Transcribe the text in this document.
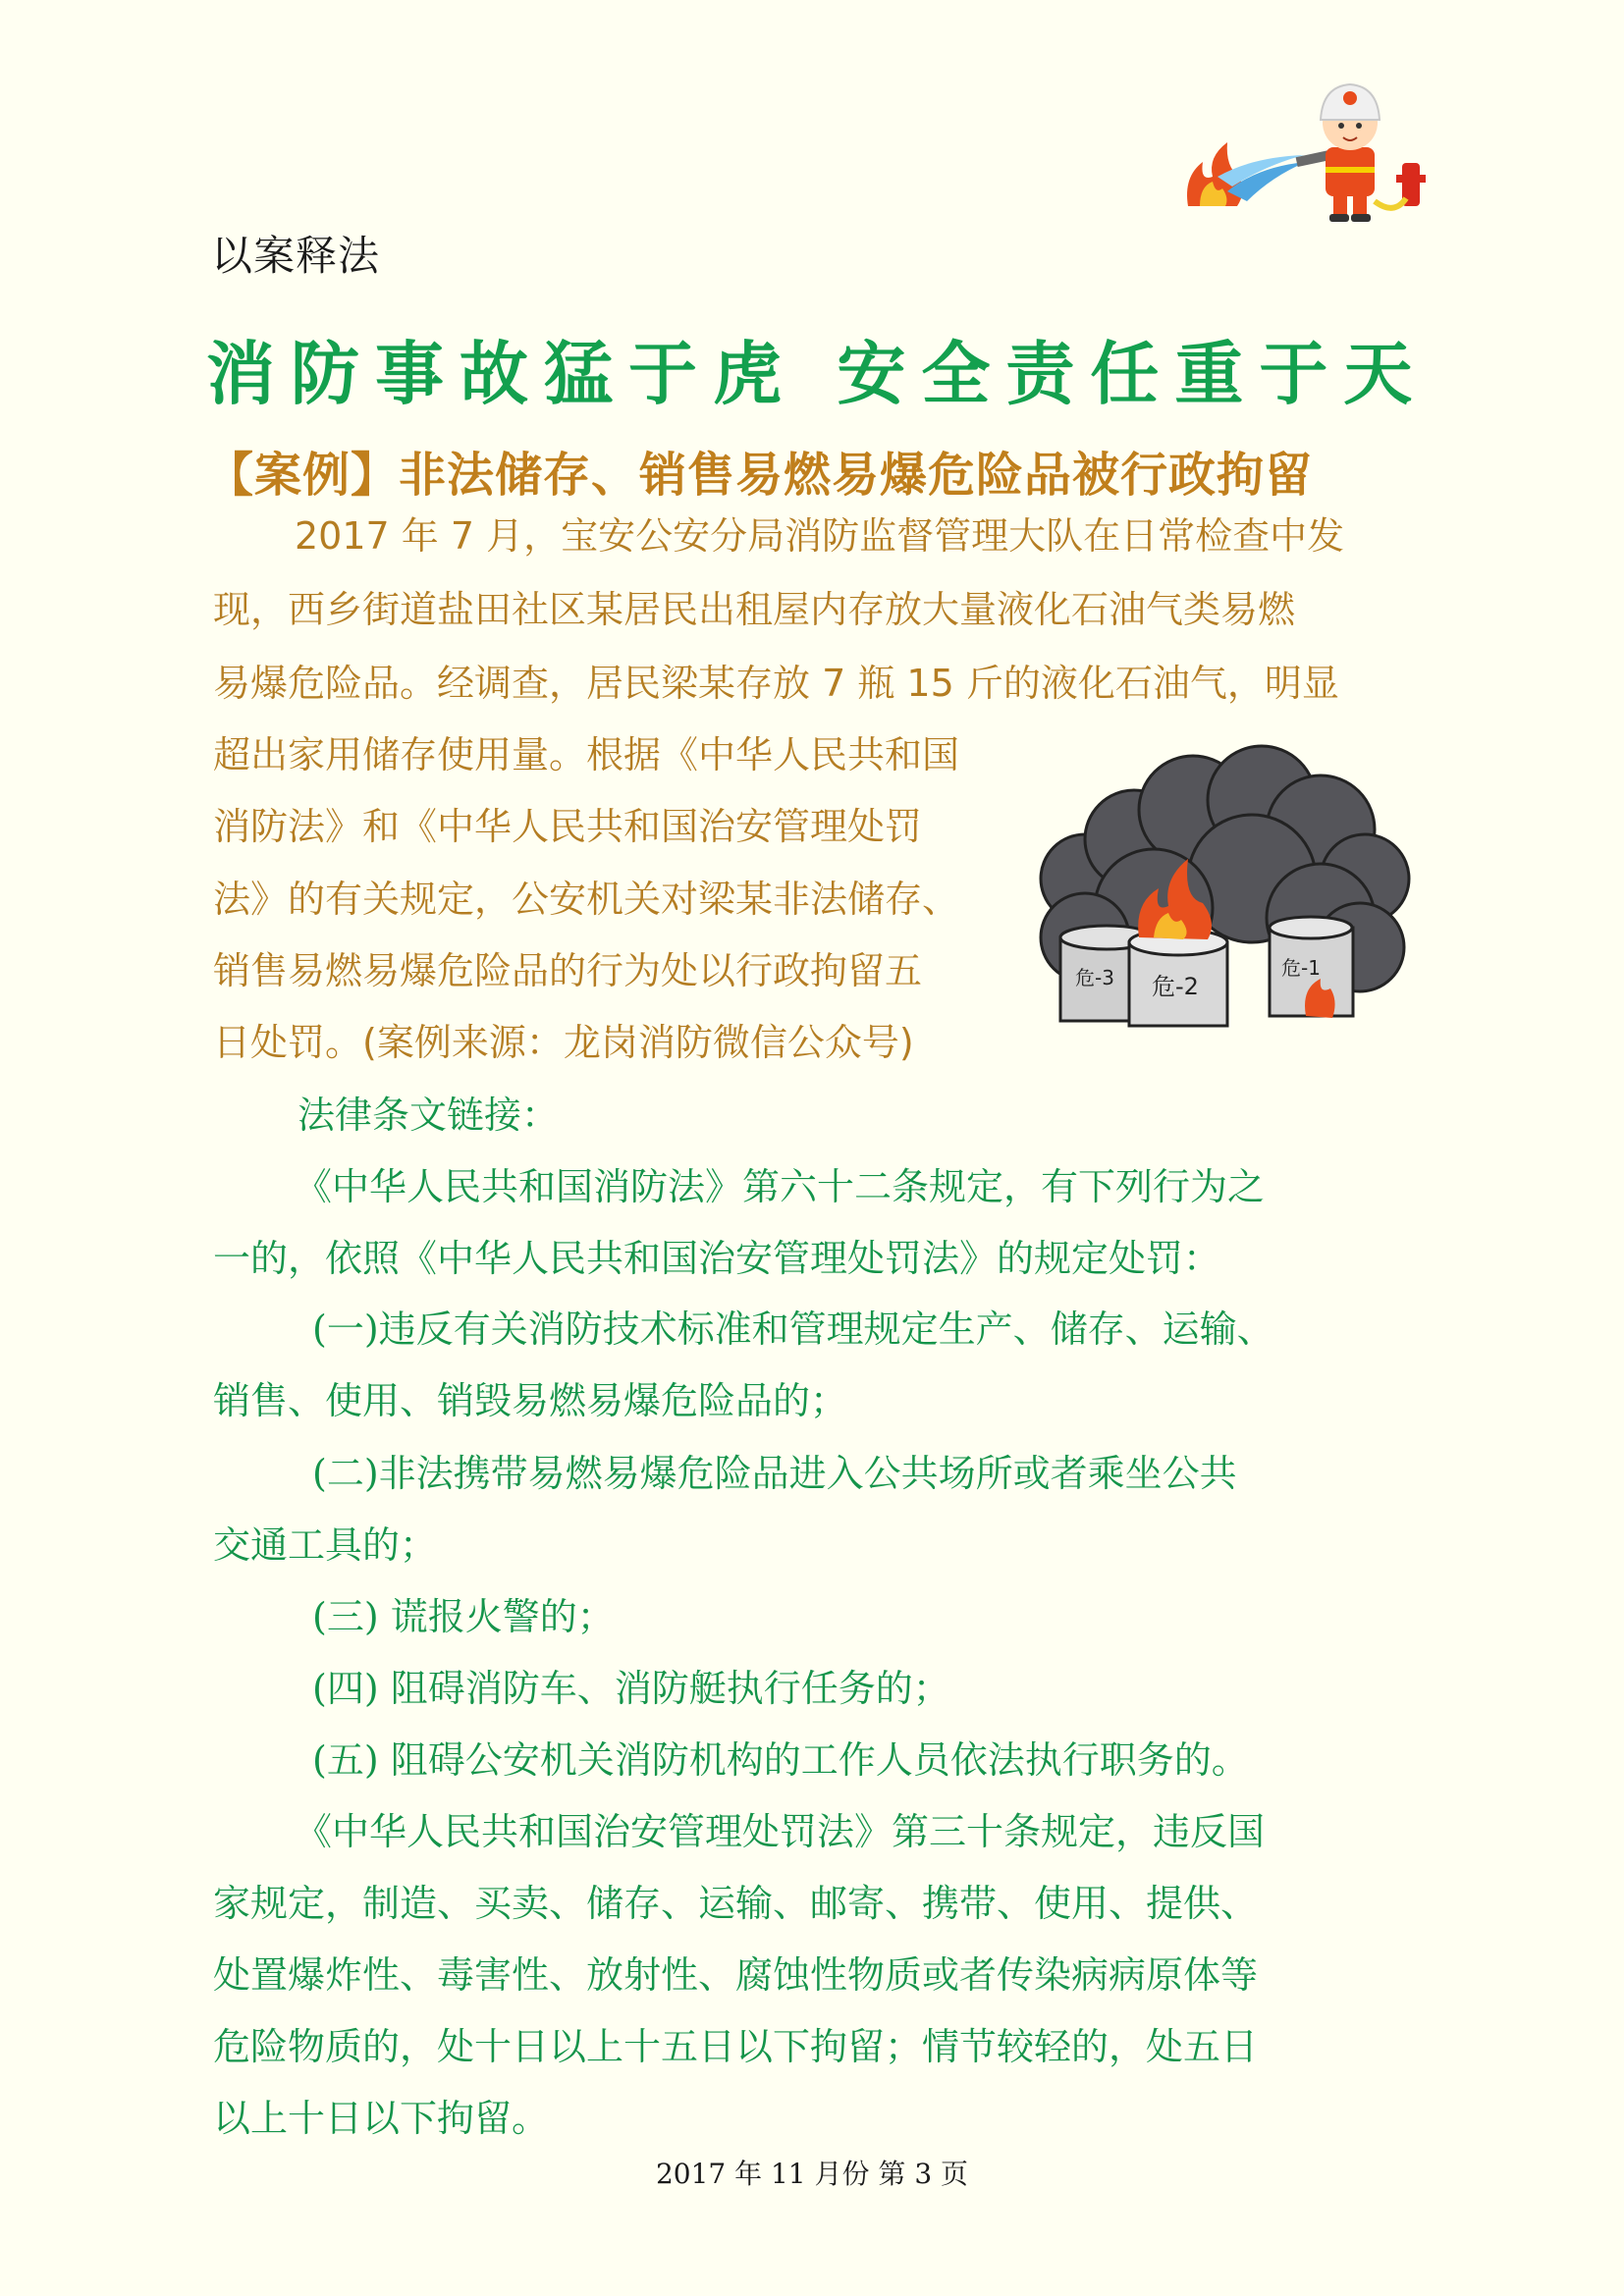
以案释法
消防事故猛于虎 安全责任重于天
【案例】非法储存、销售易燃易爆危险品被行政拘留
2017 年 7 月，宝安公安分局消防监督管理大队在日常检查中发
现，西乡街道盐田社区某居民出租屋内存放大量液化石油气类易燃
易爆危险品。经调查，居民梁某存放 7 瓶 15 斤的液化石油气，明显
超出家用储存使用量。根据《中华人民共和国
消防法》和《中华人民共和国治安管理处罚
法》的有关规定，公安机关对梁某非法储存、
销售易燃易爆危险品的行为处以行政拘留五
日处罚。(案例来源：龙岗消防微信公众号)
危-3 危-2
危-1
法律条文链接：
《中华人民共和国消防法》第六十二条规定，有下列行为之
一的，依照《中华人民共和国治安管理处罚法》的规定处罚：
(一)违反有关消防技术标准和管理规定生产、储存、运输、
销售、使用、销毁易燃易爆危险品的；
(二)非法携带易燃易爆危险品进入公共场所或者乘坐公共
交通工具的；
(三) 谎报火警的；
(四) 阻碍消防车、消防艇执行任务的；
(五) 阻碍公安机关消防机构的工作人员依法执行职务的。
《中华人民共和国治安管理处罚法》第三十条规定，违反国
家规定，制造、买卖、储存、运输、邮寄、携带、使用、提供、
处置爆炸性、毒害性、放射性、腐蚀性物质或者传染病病原体等
危险物质的，处十日以上十五日以下拘留；情节较轻的，处五日
以上十日以下拘留。
2017 年 11 月份 第 3 页
